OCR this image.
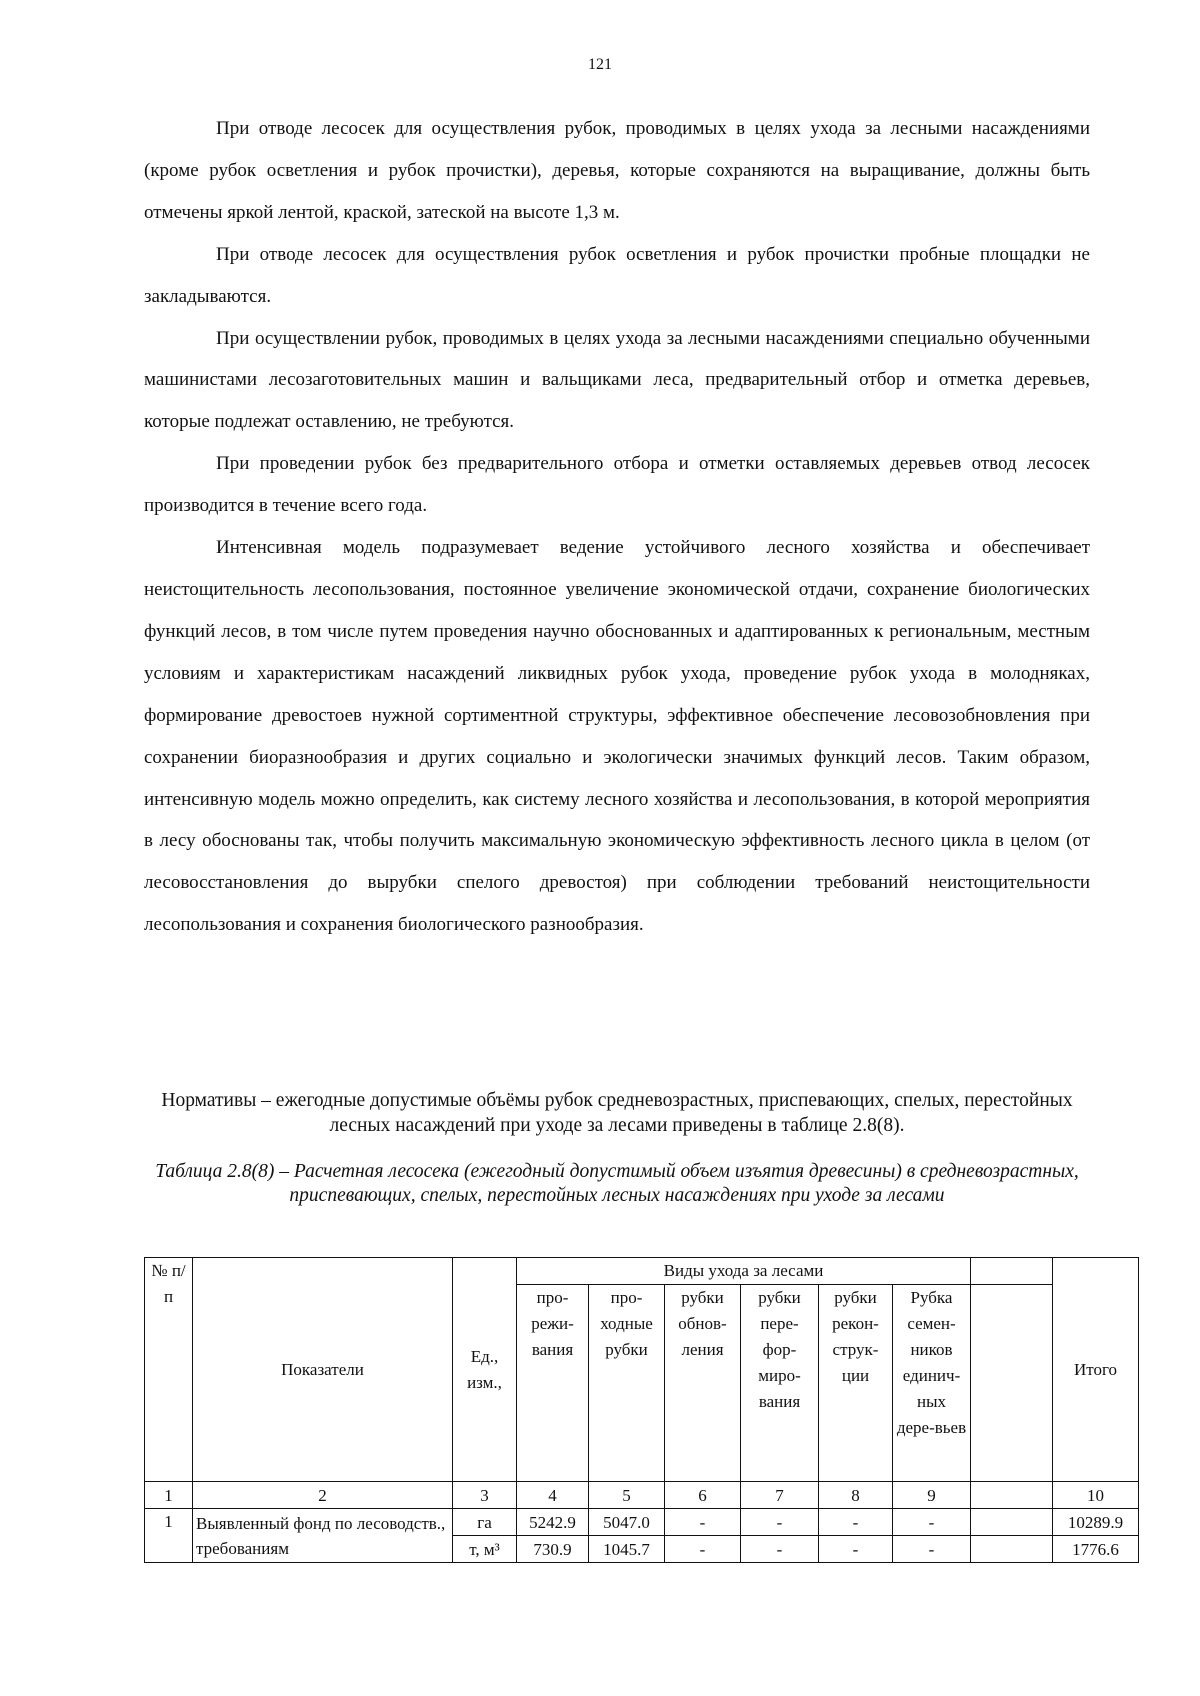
121

При отводе лесосек для осуществления рубок, проводимых в целях ухода за лесными насаждениями (кроме рубок осветления и рубок прочистки), деревья, которые сохраняются на выращивание, должны быть отмечены яркой лентой, краской, затеской на высоте 1,3 м.

При отводе лесосек для осуществления рубок осветления и рубок прочистки пробные площадки не закладываются.

При осуществлении рубок, проводимых в целях ухода за лесными насаждениями специально обученными машинистами лесозаготовительных машин и вальщиками леса, предварительный отбор и отметка деревьев, которые подлежат оставлению, не требуются.

При проведении рубок без предварительного отбора и отметки оставляемых деревьев отвод лесосек производится в течение всего года.

Интенсивная модель подразумевает ведение устойчивого лесного хозяйства и обеспечивает неистощительность лесопользования, постоянное увеличение экономической отдачи, сохранение биологических функций лесов, в том числе путем проведения научно обоснованных и адаптированных к региональным, местным условиям и характеристикам насаждений ликвидных рубок ухода, проведение рубок ухода в молодняках, формирование древостоев нужной сортиментной структуры, эффективное обеспечение лесовозобновления при сохранении биоразнообразия и других социально и экологически значимых функций лесов. Таким образом, интенсивную модель можно определить, как систему лесного хозяйства и лесопользования, в которой мероприятия в лесу обоснованы так, чтобы получить максимальную экономическую эффективность лесного цикла в целом (от лесовосстановления до вырубки спелого древостоя) при соблюдении требований неистощительности лесопользования и сохранения биологического разнообразия.

Нормативы – ежегодные допустимые объёмы рубок средневозрастных, приспевающих, спелых, перестойных лесных насаждений при уходе за лесами приведены в таблице 2.8(8).
Таблица 2.8(8) – Расчетная лесосека (ежегодный допустимый объем изъятия древесины) в средневозрастных, приспевающих, спелых, перестойных лесных насаждениях при уходе за лесами
№ п/п	Показатели	Ед., изм.,	Виды ухода за лесами							Итого
			про-режи-вания	про-ходные рубки	рубки обнов-ления	рубки пере-фор-миро-вания	рубки рекон-струк-ции	Рубка семен-ников единич-ных дере-вьев		
1	2	3	4	5	6	7	8	9		10
1	Выявленный фонд по лесоводств., требованиям	га	5242.9	5047.0	-	-	-	-		10289.9
		т, м³	730.9	1045.7	-	-	-	-		1776.6
